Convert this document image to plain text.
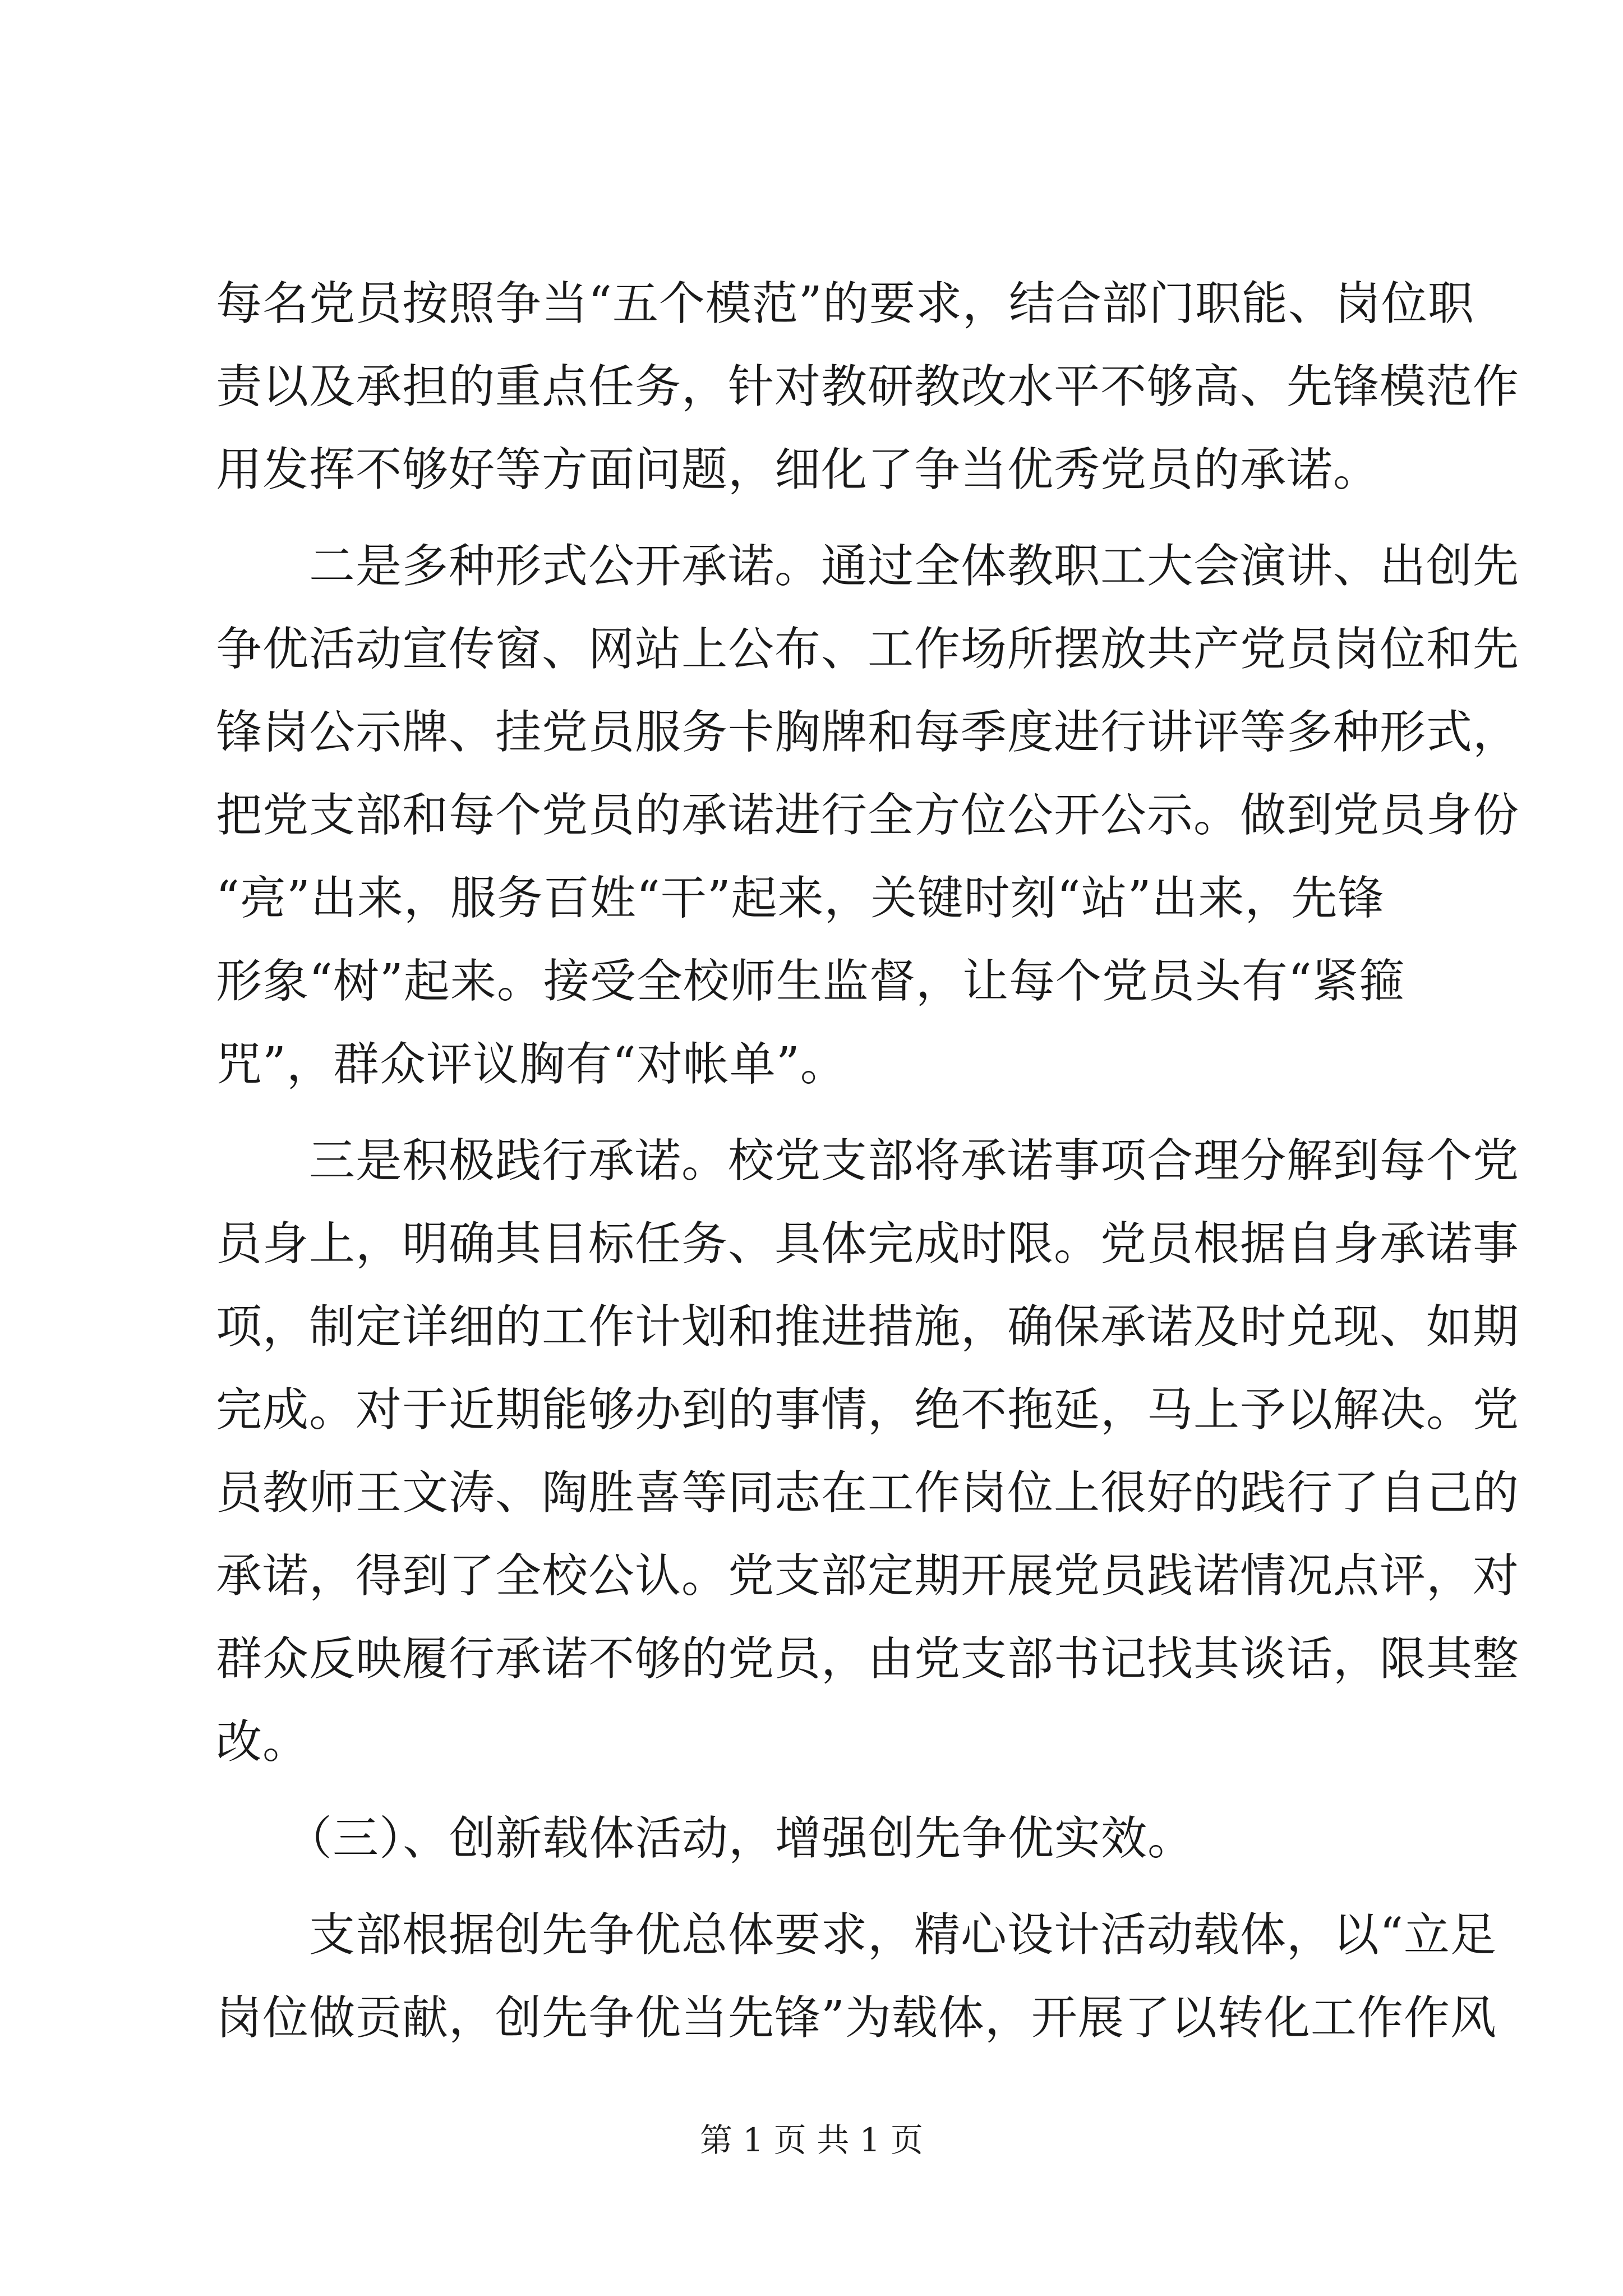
每名党员按照争当“五个模范”的要求，结合部门职能、岗位职
责以及承担的重点任务，针对教研教改水平不够高、先锋模范作
用发挥不够好等方面问题，细化了争当优秀党员的承诺。
　　二是多种形式公开承诺。通过全体教职工大会演讲、出创先
争优活动宣传窗、网站上公布、工作场所摆放共产党员岗位和先
锋岗公示牌、挂党员服务卡胸牌和每季度进行讲评等多种形式，
把党支部和每个党员的承诺进行全方位公开公示。做到党员身份
“亮”出来，服务百姓“干”起来，关键时刻“站”出来，先锋
形象“树”起来。接受全校师生监督，让每个党员头有“紧箍
咒”，群众评议胸有“对帐单”。
　　三是积极践行承诺。校党支部将承诺事项合理分解到每个党
员身上，明确其目标任务、具体完成时限。党员根据自身承诺事
项，制定详细的工作计划和推进措施，确保承诺及时兑现、如期
完成。对于近期能够办到的事情，绝不拖延，马上予以解决。党
员教师王文涛、陶胜喜等同志在工作岗位上很好的践行了自己的
承诺，得到了全校公认。党支部定期开展党员践诺情况点评，对
群众反映履行承诺不够的党员，由党支部书记找其谈话，限其整
改。
　　（三）、创新载体活动，增强创先争优实效。
　　支部根据创先争优总体要求，精心设计活动载体，以“立足
岗位做贡献，创先争优当先锋”为载体，开展了以转化工作作风
第 1 页 共 1 页
